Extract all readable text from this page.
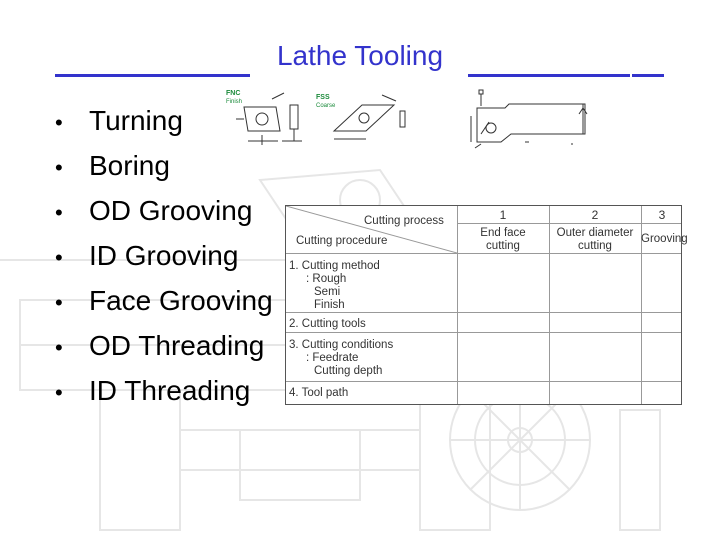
Lathe Tooling
• Turning
• Boring
• OD Grooving
• ID Grooving
• Face Grooving
• OD Threading
• ID Threading
FNC
Finish
FSS
Coarse
Cutting process
Cutting procedure
1	2	3
End face cutting
Outer diameter cutting
Grooving
1. Cutting method
: Rough
Semi
Finish
2. Cutting tools
3. Cutting conditions
: Feedrate
Cutting depth
4. Tool path
